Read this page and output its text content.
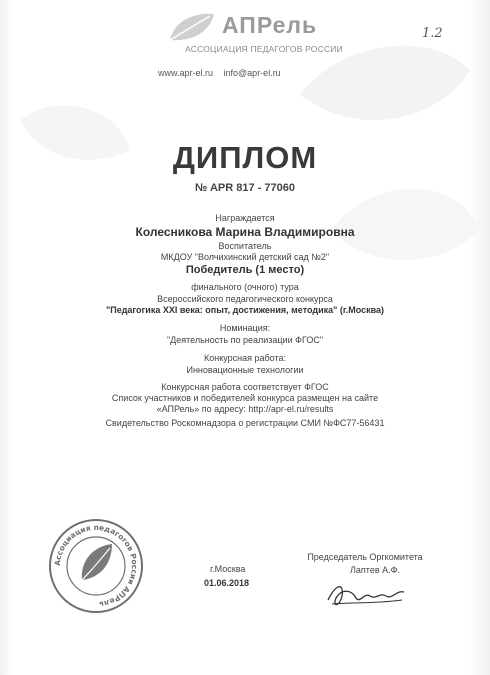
АПРель
АССОЦИАЦИЯ ПЕДАГОГОВ РОССИИ
www.apr-el.ru info@apr-el.ru
1.2
ДИПЛОМ
№ APR 817 - 77060
Награждается
Колесникова Марина Владимировна
Воспитатель
МКДОУ "Волчихинский детский сад №2"
Победитель (1 место)
финального (очного) тура
Всероссийского педагогического конкурса
"Педагогика XXI века: опыт, достижения, методика" (г.Москва)
Номинация:
"Деятельность по реализации ФГОС"
Конкурсная работа:
Инновационные технологии
Конкурсная работа соответствует ФГОС
Список участников и победителей конкурса размещен на сайте
«АПРель» по адресу: http://apr-el.ru/results
Свидетельство Роскомнадзора о регистрации СМИ №ФС77-56431
Ассоциация педагогов России АПРель
г.Москва
01.06.2018
Председатель Оргкомитета
Лаптев А.Ф.
